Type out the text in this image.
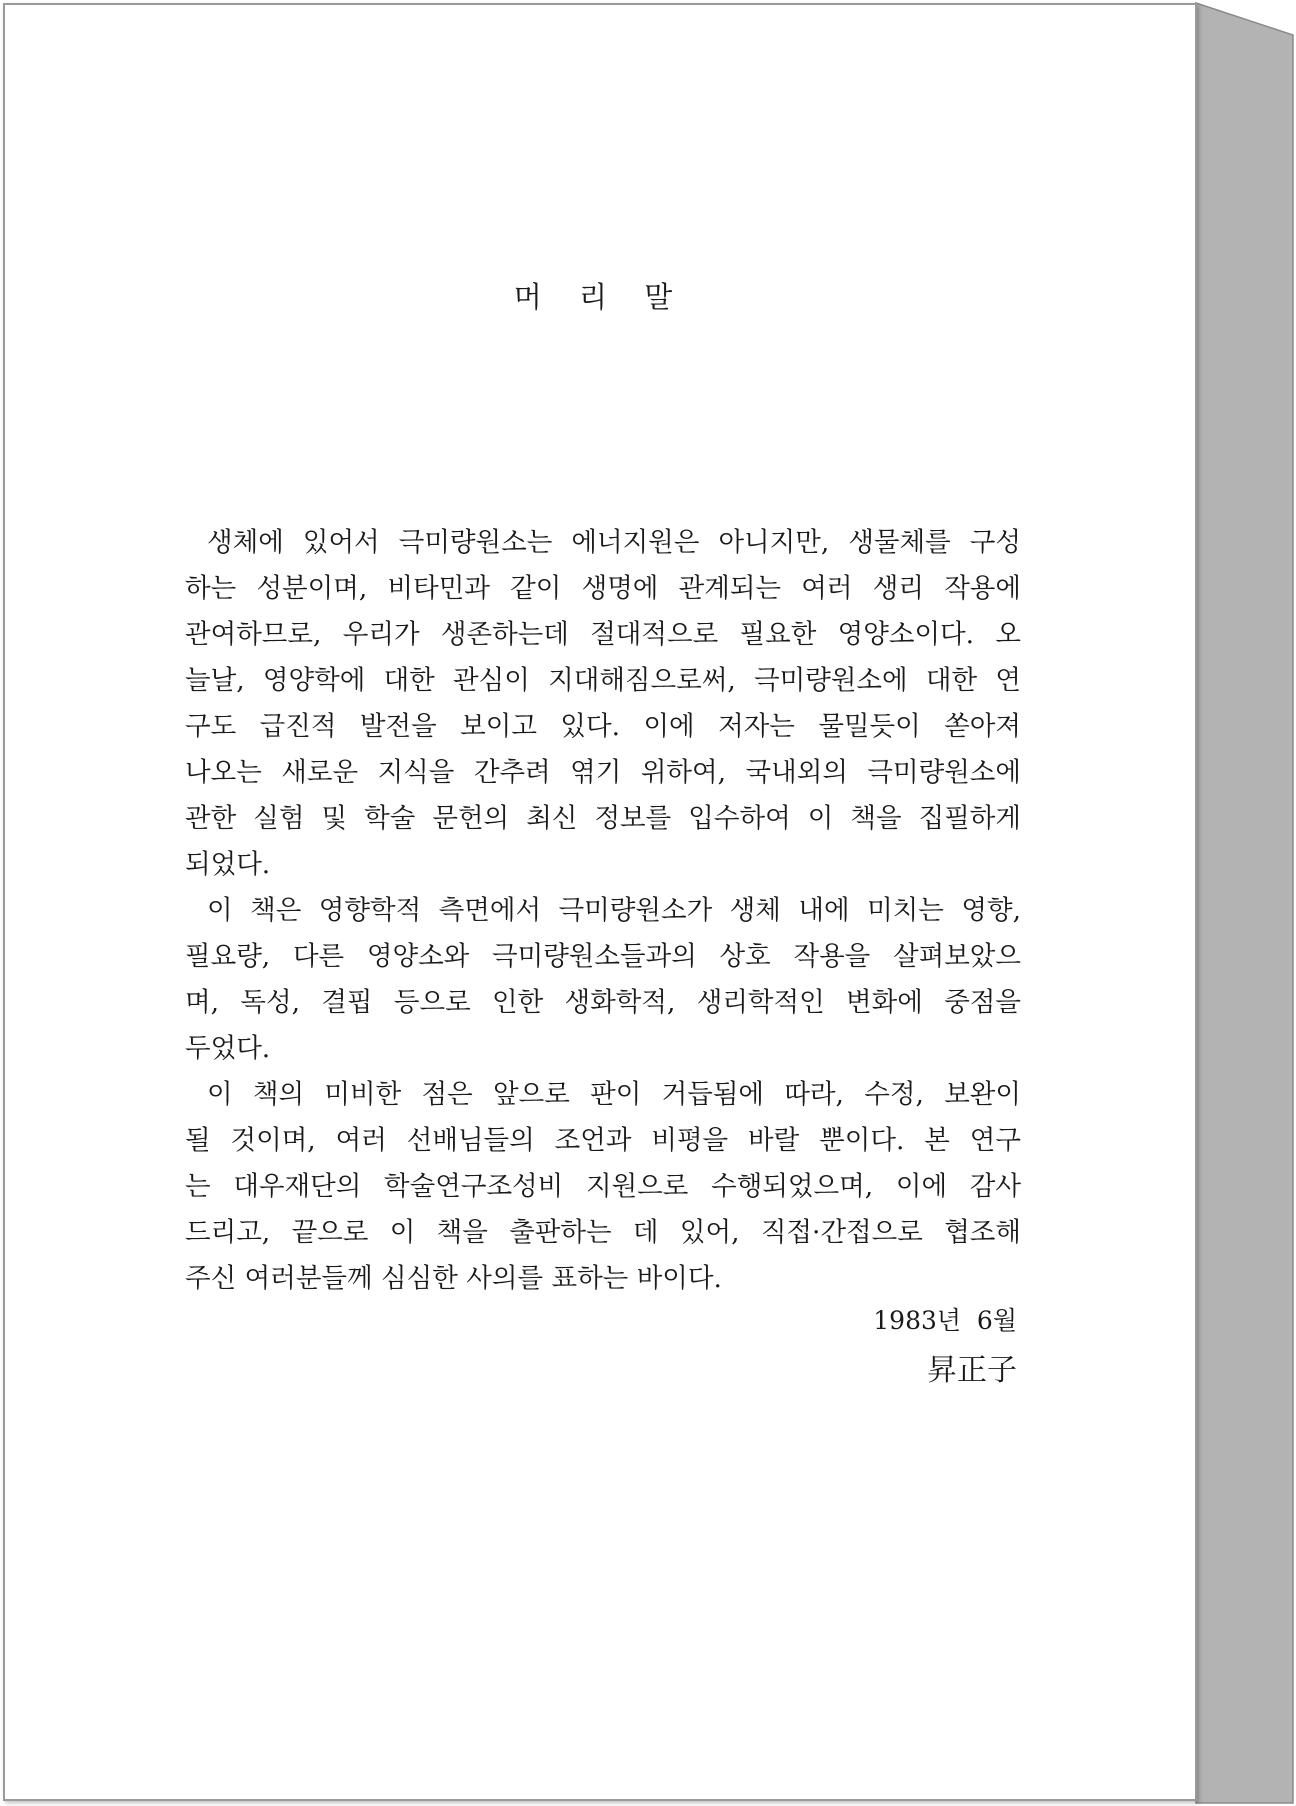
머 리 말
생체에 있어서 극미량원소는 에너지원은 아니지만, 생물체를 구성
하는 성분이며, 비타민과 같이 생명에 관계되는 여러 생리 작용에
관여하므로, 우리가 생존하는데 절대적으로 필요한 영양소이다. 오
늘날, 영양학에 대한 관심이 지대해짐으로써, 극미량원소에 대한 연
구도 급진적 발전을 보이고 있다. 이에 저자는 물밀듯이 쏟아져
나오는 새로운 지식을 간추려 엮기 위하여, 국내외의 극미량원소에
관한 실험 및 학술 문헌의 최신 정보를 입수하여 이 책을 집필하게
되었다.
이 책은 영향학적 측면에서 극미량원소가 생체 내에 미치는 영향,
필요량, 다른 영양소와 극미량원소들과의 상호 작용을 살펴보았으
며, 독성, 결핍 등으로 인한 생화학적, 생리학적인 변화에 중점을
두었다.
이 책의 미비한 점은 앞으로 판이 거듭됨에 따라, 수정, 보완이
될 것이며, 여러 선배님들의 조언과 비평을 바랄 뿐이다. 본 연구
는 대우재단의 학술연구조성비 지원으로 수행되었으며, 이에 감사
드리고, 끝으로 이 책을 출판하는 데 있어, 직접·간접으로 협조해
주신 여러분들께 심심한 사의를 표하는 바이다.
1983년  6월
昇正子
